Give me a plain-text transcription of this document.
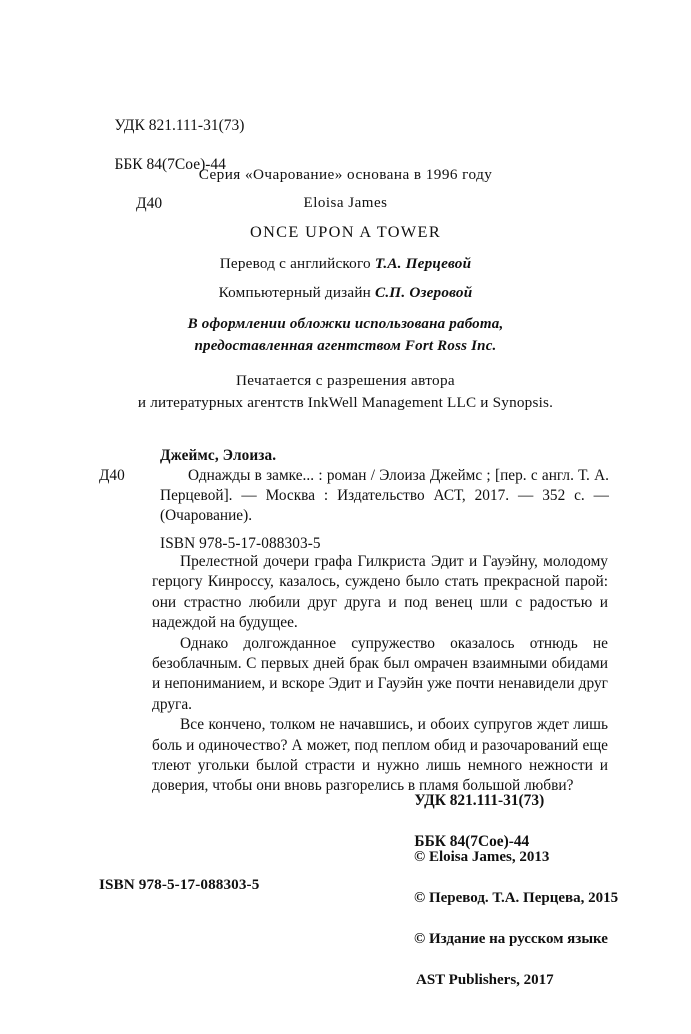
УДК 821.111-31(73)

ББК 84(7Сое)-44

Д40

Серия «Очарование» основана в 1996 году
Eloisa James
ONCE UPON A TOWER
Перевод с английского Т.А. Перцевой
Компьютерный дизайн С.П. Озеровой
В оформлении обложки использована работа,
предоставленная агентством Fort Ross Inc.
Печатается с разрешения автора
и литературных агентств InkWell Management LLC и Synopsis.
Джеймс, Элоиза.
Д40	Однажды в замке... : роман / Элоиза Джеймс ; [пер. с англ. Т. А. Перцевой]. — Москва : Издательство АСТ, 2017. — 352 с. — (Очарование).
ISBN 978-5-17-088303-5

Прелестной дочери графа Гилкриста Эдит и Гауэйну, молодому герцогу Кинроссу, казалось, суждено было стать прекрасной парой: они страстно любили друг друга и под венец шли с радостью и надеждой на будущее.

Однако долгожданное супружество оказалось отнюдь не безоблачным. С первых дней брак был омрачен взаимными обидами и непониманием, и вскоре Эдит и Гауэйн уже почти ненавидели друг друга.

Все кончено, толком не начавшись, и обоих супругов ждет лишь боль и одиночество? А может, под пеплом обид и разочарований еще тлеют угольки былой страсти и нужно лишь немного нежности и доверия, чтобы они вновь разгорелись в пламя большой любви?

УДК 821.111-31(73)

ББК 84(7Сое)-44

© Eloisa James, 2013

© Перевод. Т.А. Перцева, 2015

© Издание на русском языке

AST Publishers, 2017

ISBN 978-5-17-088303-5
